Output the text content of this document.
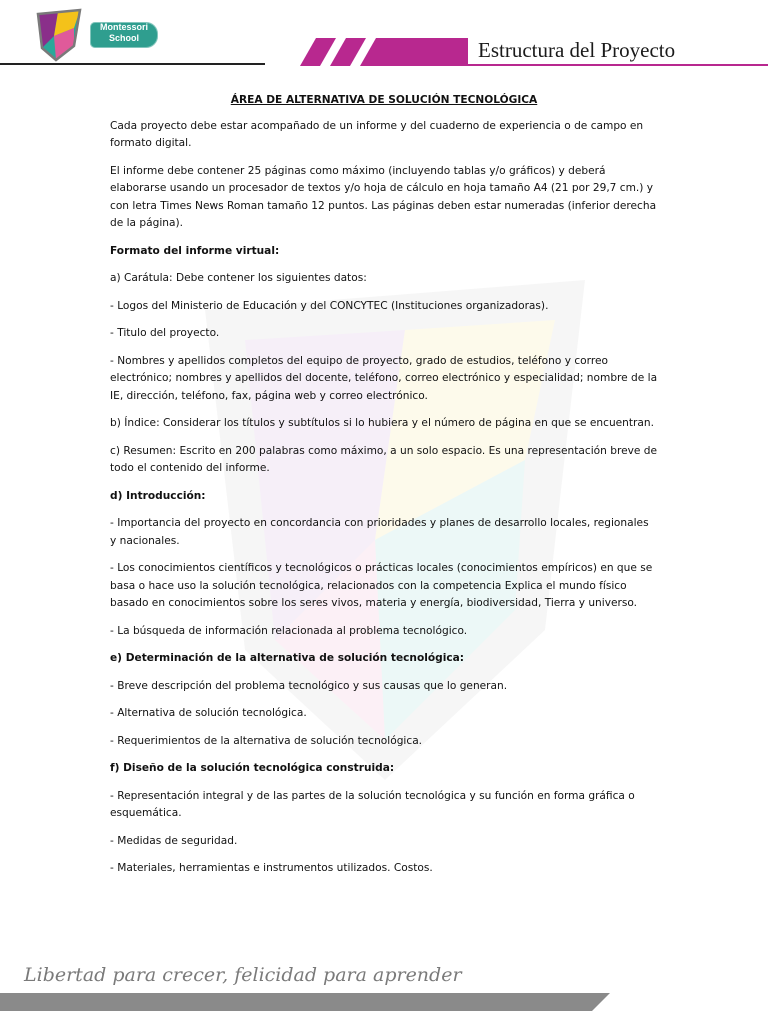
Montessori
School	Estructura del Proyecto
ÁREA DE ALTERNATIVA DE SOLUCIÓN TECNOLÓGICA

Cada proyecto debe estar acompañado de un informe y del cuaderno de experiencia o de campo en formato digital.

El informe debe contener 25 páginas como máximo (incluyendo tablas y/o gráficos) y deberá elaborarse usando un procesador de textos y/o hoja de cálculo en hoja tamaño A4 (21 por 29,7 cm.) y con letra Times News Roman tamaño 12 puntos. Las páginas deben estar numeradas (inferior derecha de la página).

Formato del informe virtual:

a) Carátula: Debe contener los siguientes datos:

- Logos del Ministerio de Educación y del CONCYTEC (Instituciones organizadoras).

- Titulo del proyecto.

- Nombres y apellidos completos del equipo de proyecto, grado de estudios, teléfono y correo electrónico; nombres y apellidos del docente, teléfono, correo electrónico y especialidad; nombre de la IE, dirección, teléfono, fax, página web y correo electrónico.

b) Índice: Considerar los títulos y subtítulos si lo hubiera y el número de página en que se encuentran.

c) Resumen: Escrito en 200 palabras como máximo, a un solo espacio. Es una representación breve de todo el contenido del informe.

d) Introducción:

- Importancia del proyecto en concordancia con prioridades y planes de desarrollo locales, regionales y nacionales.

- Los conocimientos científicos y tecnológicos o prácticas locales (conocimientos empíricos) en que se basa o hace uso la solución tecnológica, relacionados con la competencia Explica el mundo físico basado en conocimientos sobre los seres vivos, materia y energía, biodiversidad, Tierra y universo.

- La búsqueda de información relacionada al problema tecnológico.

e) Determinación de la alternativa de solución tecnológica:

- Breve descripción del problema tecnológico y sus causas que lo generan.

- Alternativa de solución tecnológica.

- Requerimientos de la alternativa de solución tecnológica.

f) Diseño de la solución tecnológica construida:

- Representación integral y de las partes de la solución tecnológica y su función en forma gráfica o esquemática.

- Medidas de seguridad.

- Materiales, herramientas e instrumentos utilizados. Costos.

Libertad para crecer, felicidad para aprender
